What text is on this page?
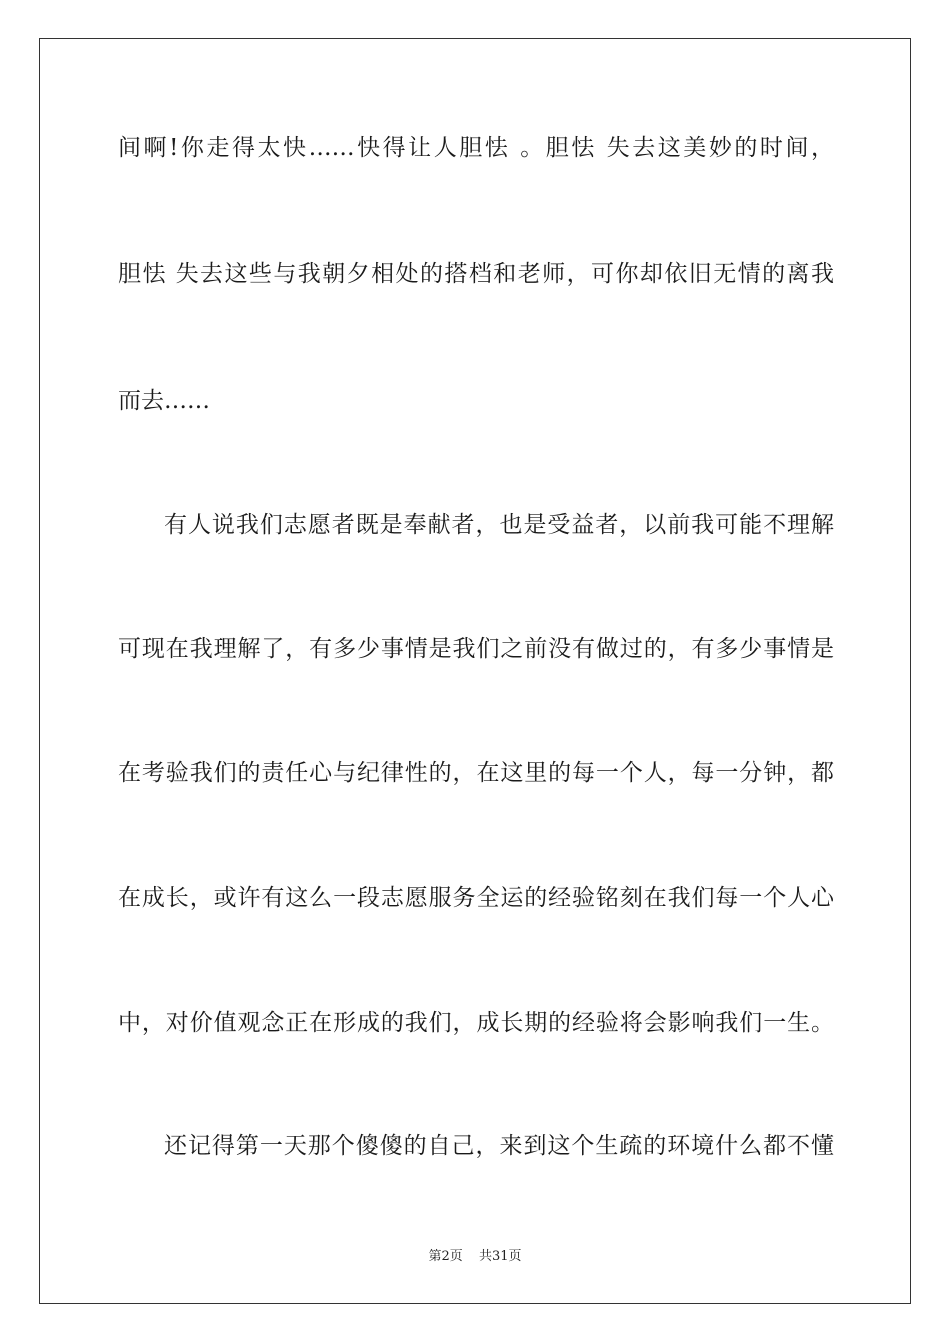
间啊!你走得太快……快得让人胆怯 。胆怯 失去这美妙的时间，
胆怯 失去这些与我朝夕相处的搭档和老师，可你却依旧无情的离我
而去……
有人说我们志愿者既是奉献者，也是受益者，以前我可能不理解
可现在我理解了，有多少事情是我们之前没有做过的，有多少事情是
在考验我们的责任心与纪律性的，在这里的每一个人，每一分钟，都
在成长，或许有这么一段志愿服务全运的经验铭刻在我们每一个人心
中，对价值观念正在形成的我们，成长期的经验将会影响我们一生。
还记得第一天那个傻傻的自己，来到这个生疏的环境什么都不懂
第2页 共31页
